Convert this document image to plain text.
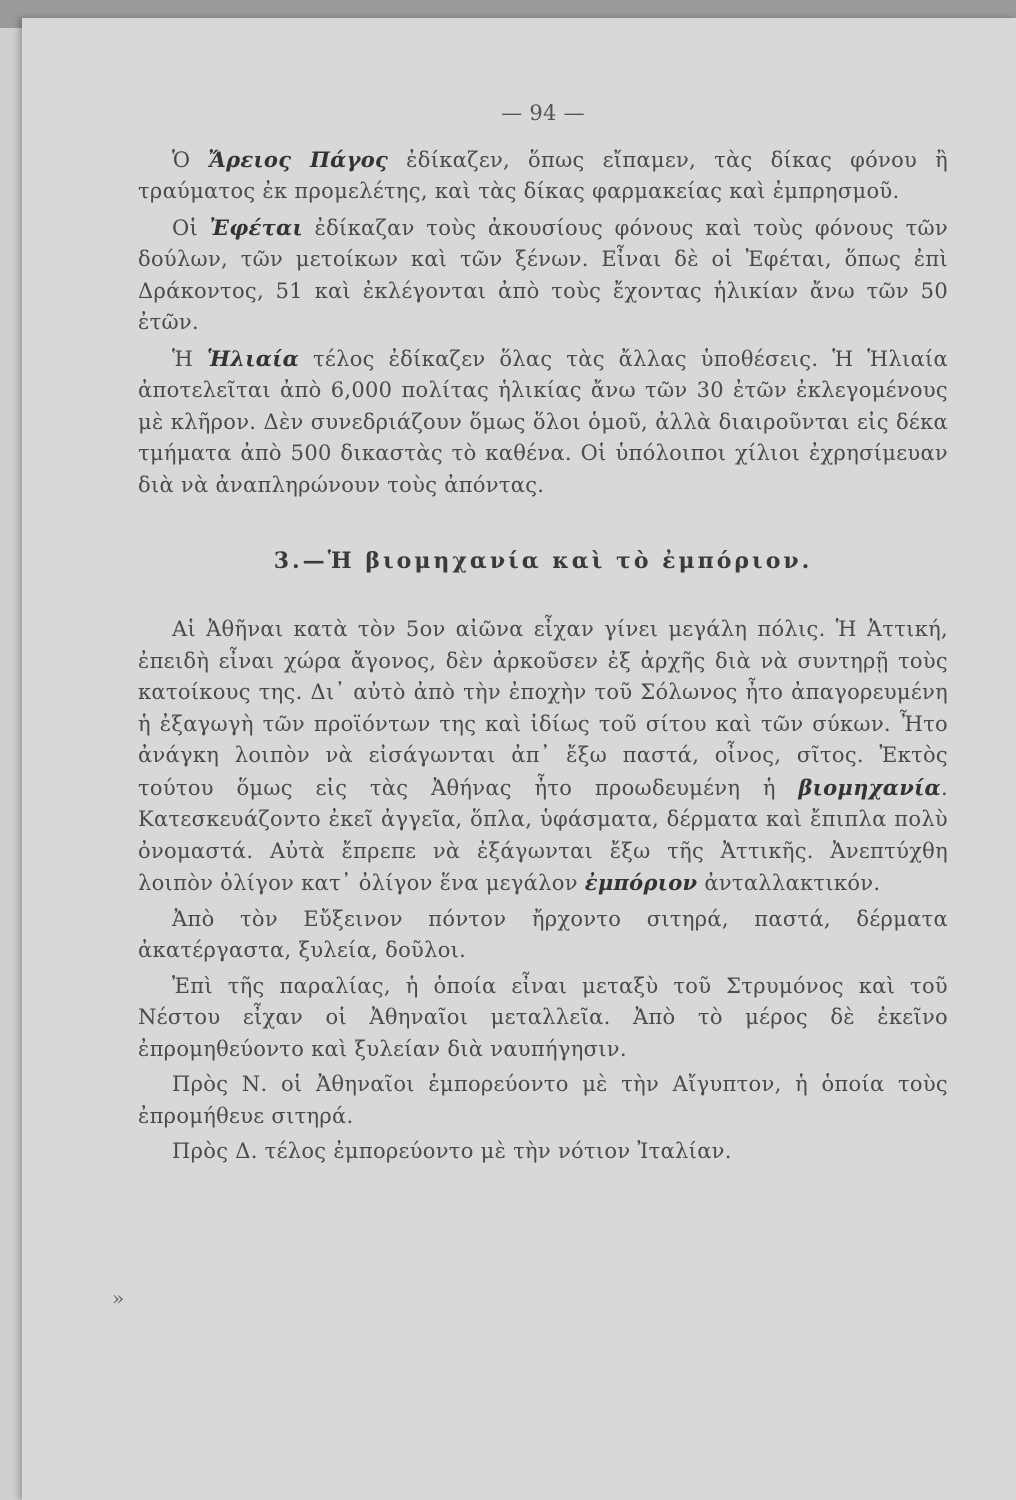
— 94 —

Ὁ Ἄρειος Πάγος ἐδίκαζεν, ὅπως εἴπαμεν, τὰς δίκας φόνου ἢ τραύματος ἐκ προμελέτης, καὶ τὰς δίκας φαρμακείας καὶ ἐμπρησμοῦ.

Οἱ Ἐφέται ἐδίκαζαν τοὺς ἀκουσίους φόνους καὶ τοὺς φόνους τῶν δούλων, τῶν μετοίκων καὶ τῶν ξένων. Εἶναι δὲ οἱ Ἐφέται, ὅπως ἐπὶ Δράκοντος, 51 καὶ ἐκλέγονται ἀπὸ τοὺς ἔχοντας ἡλικίαν ἄνω τῶν 50 ἐτῶν.

Ἡ Ἡλιαία τέλος ἐδίκαζεν ὅλας τὰς ἄλλας ὑποθέσεις. Ἡ Ἡλιαία ἀποτελεῖται ἀπὸ 6,000 πολίτας ἡλικίας ἄνω τῶν 30 ἐτῶν ἐκλεγομένους μὲ κλῆρον. Δὲν συνεδριάζουν ὅμως ὅλοι ὁμοῦ, ἀλλὰ διαιροῦνται εἰς δέκα τμήματα ἀπὸ 500 δικαστὰς τὸ καθένα. Οἱ ὑπόλοιποι χίλιοι ἐχρησίμευαν διὰ νὰ ἀναπληρώνουν τοὺς ἀπόντας.

3.—Ἡ βιομηχανία καὶ τὸ ἐμπόριον.

Αἱ Ἀθῆναι κατὰ τὸν 5ον αἰῶνα εἶχαν γίνει μεγάλη πόλις. Ἡ Ἀττική, ἐπειδὴ εἶναι χώρα ἄγονος, δὲν ἀρκοῦσεν ἐξ ἀρχῆς διὰ νὰ συντηρῇ τοὺς κατοίκους της. Δι᾽ αὐτὸ ἀπὸ τὴν ἐποχὴν τοῦ Σόλωνος ἦτο ἀπαγορευμένη ἡ ἐξαγωγὴ τῶν προϊόντων της καὶ ἰδίως τοῦ σίτου καὶ τῶν σύκων. Ἦτο ἀνάγκη λοιπὸν νὰ εἰσάγωνται ἀπ᾽ ἔξω παστά, οἶνος, σῖτος. Ἐκτὸς τούτου ὅμως εἰς τὰς Ἀθήνας ἦτο προωδευμένη ἡ βιομηχανία. Κατεσκευάζοντο ἐκεῖ ἀγγεῖα, ὅπλα, ὑφάσματα, δέρματα καὶ ἔπιπλα πολὺ ὀνομαστά. Αὐτὰ ἔπρεπε νὰ ἐξάγωνται ἔξω τῆς Ἀττικῆς. Ἀνεπτύχθη λοιπὸν ὀλίγον κατ᾽ ὀλίγον ἕνα μεγάλον ἐμπόριον ἀνταλλακτικόν.

Ἀπὸ τὸν Εὔξεινον πόντον ἤρχοντο σιτηρά, παστά, δέρματα ἀκατέργαστα, ξυλεία, δοῦλοι.

Ἐπὶ τῆς παραλίας, ἡ ὁποία εἶναι μεταξὺ τοῦ Στρυμόνος καὶ τοῦ Νέστου εἶχαν οἱ Ἀθηναῖοι μεταλλεῖα. Ἀπὸ τὸ μέρος δὲ ἐκεῖνο ἐπρομηθεύοντο καὶ ξυλείαν διὰ ναυπήγησιν.

Πρὸς Ν. οἱ Ἀθηναῖοι ἐμπορεύοντο μὲ τὴν Αἴγυπτον, ἡ ὁποία τοὺς ἐπρομήθευε σιτηρά.

Πρὸς Δ. τέλος ἐμπορεύοντο μὲ τὴν νότιον Ἰταλίαν.

»
